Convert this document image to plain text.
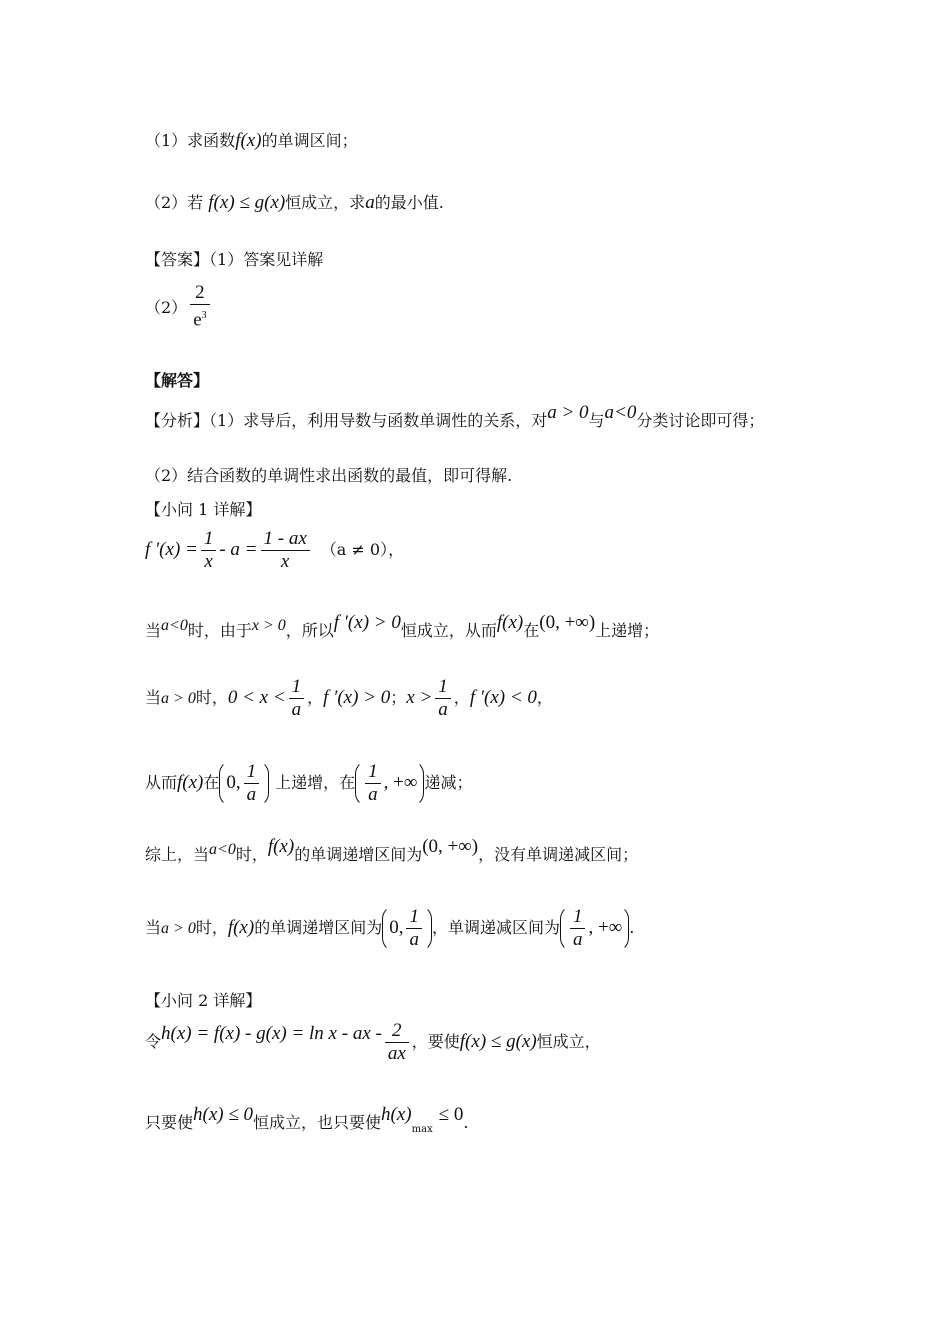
（1）求函数f(x)的单调区间；
（2）若 f(x) ≤ g(x)恒成立，求a的最小值.
【答案】（1）答案见详解
$(2) \frac{2}{e^3}$
【解答】
【分析】（1）求导后，利用导数与函数单调性的关系，对a > 0与a<0分类讨论即可得；
（2）结合函数的单调性求出函数的最值，即可得解.
【小问 1 详解】
f $'(x) = \frac{1}{x} - a = \frac{1 - ax}{x} (a \ne 0)$，
当a<0时，由于x > 0，所以f ′(x) > 0恒成立，从而f(x)在(0, +∞)上递增；
当a > 0时，$0 < x < \frac{1}{a}$ ，f ′(x) > 0；$x > \frac{1}{a}$ ，f ′(x) < 0，
从而f(x)在 0, $\frac{1}{a}$ 上递增，在 $\frac{1}{a}$ , +∞ 递减；
综上，当a<0时，f(x)的单调递增区间为(0, +∞)，没有单调递减区间；
当a > 0时，f(x)的单调递增区间为 0, $\frac{1}{a}$ ，单调递减区间为 $\frac{1}{a}$ , +∞ .
【小问 2 详解】
令h(x) = f(x) - g(x) = ln x - ax - $\frac{2}{ax}$ ，要使f(x) ≤ g(x)恒成立，
只要使h(x) ≤ 0恒成立，也只要使$h(x)_{max}\le 0$.
